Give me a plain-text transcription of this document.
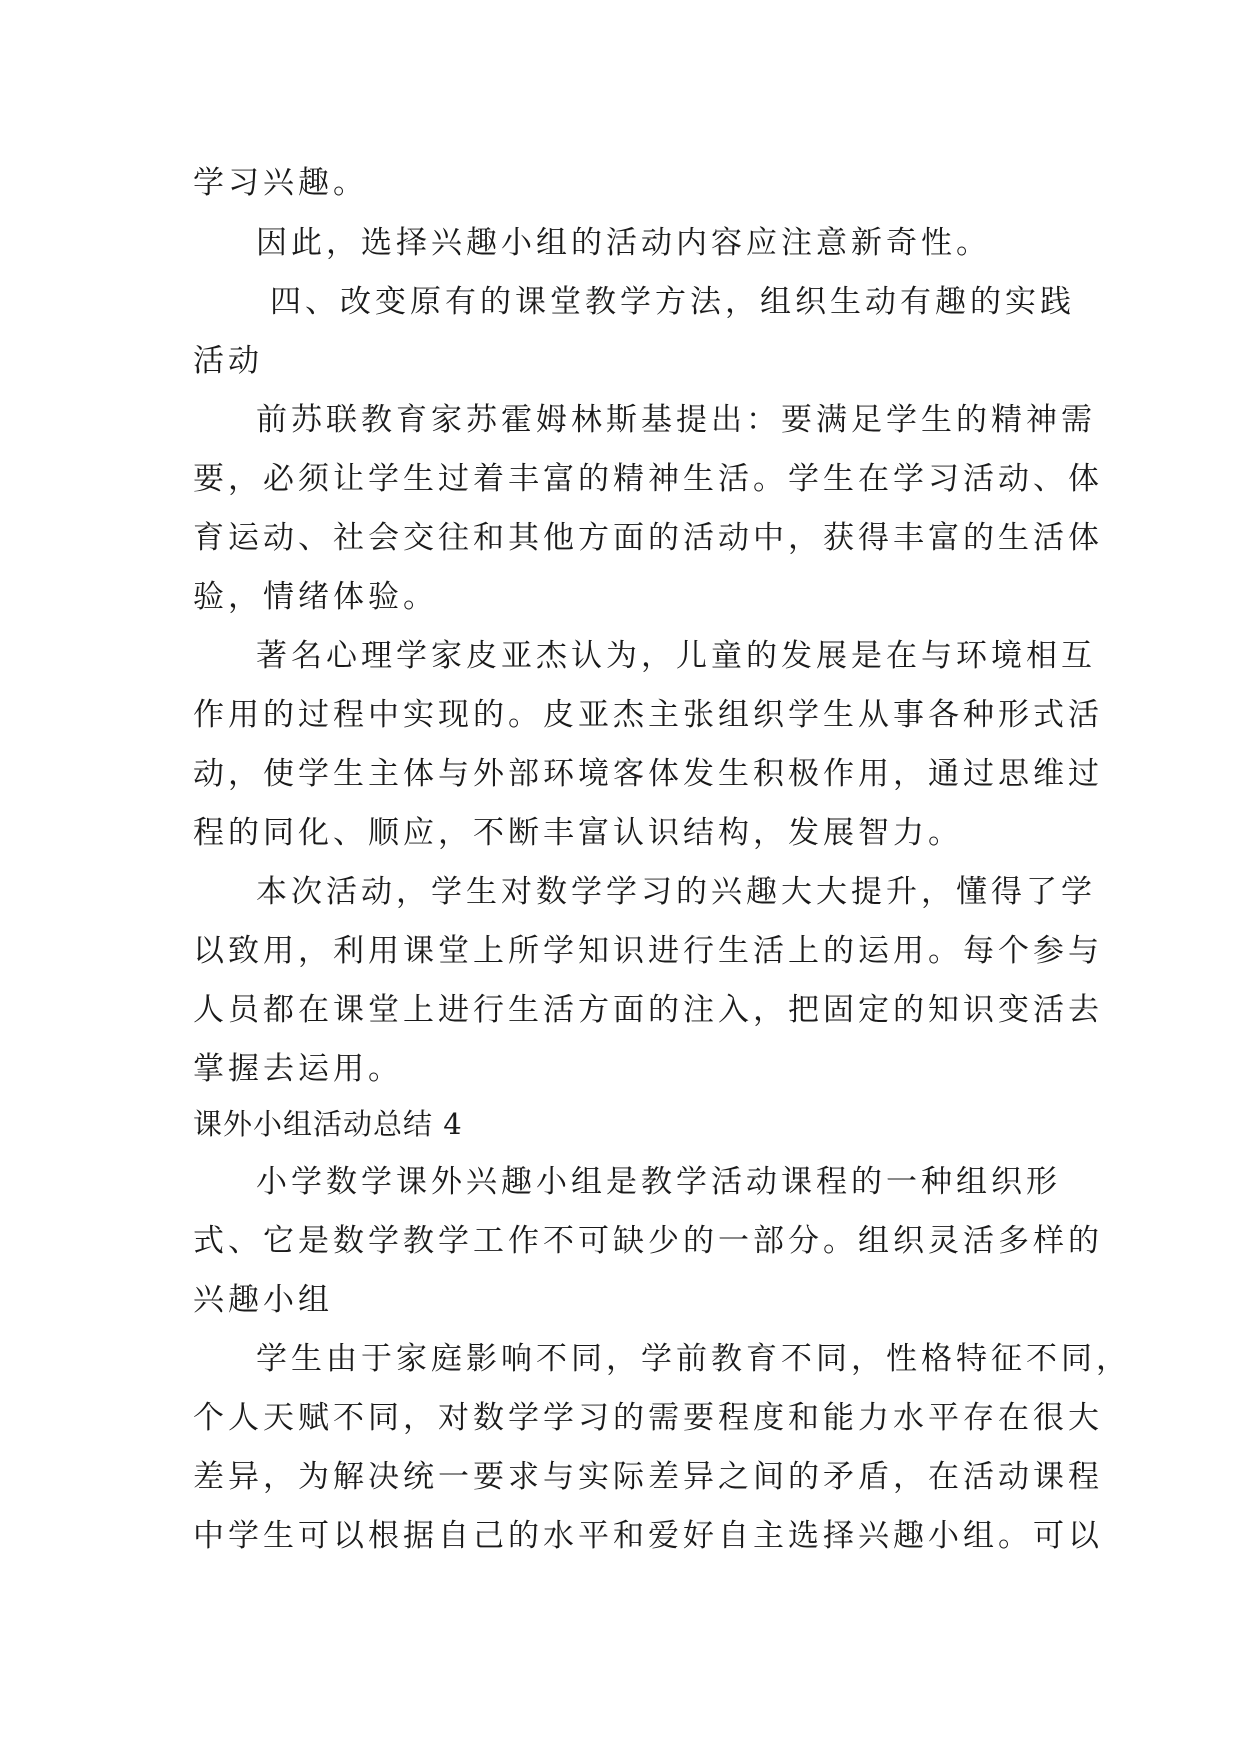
学习兴趣。
因此，选择兴趣小组的活动内容应注意新奇性。
四、改变原有的课堂教学方法，组织生动有趣的实践
活动
前苏联教育家苏霍姆林斯基提出：要满足学生的精神需
要，必须让学生过着丰富的精神生活。学生在学习活动、体
育运动、社会交往和其他方面的活动中，获得丰富的生活体
验，情绪体验。
著名心理学家皮亚杰认为，儿童的发展是在与环境相互
作用的过程中实现的。皮亚杰主张组织学生从事各种形式活
动，使学生主体与外部环境客体发生积极作用，通过思维过
程的同化、顺应，不断丰富认识结构，发展智力。
本次活动，学生对数学学习的兴趣大大提升，懂得了学
以致用，利用课堂上所学知识进行生活上的运用。每个参与
人员都在课堂上进行生活方面的注入，把固定的知识变活去
掌握去运用。
课外小组活动总结 4
小学数学课外兴趣小组是教学活动课程的一种组织形
式、它是数学教学工作不可缺少的一部分。组织灵活多样的
兴趣小组
学生由于家庭影响不同，学前教育不同，性格特征不同，
个人天赋不同，对数学学习的需要程度和能力水平存在很大
差异，为解决统一要求与实际差异之间的矛盾，在活动课程
中学生可以根据自己的水平和爱好自主选择兴趣小组。可以
